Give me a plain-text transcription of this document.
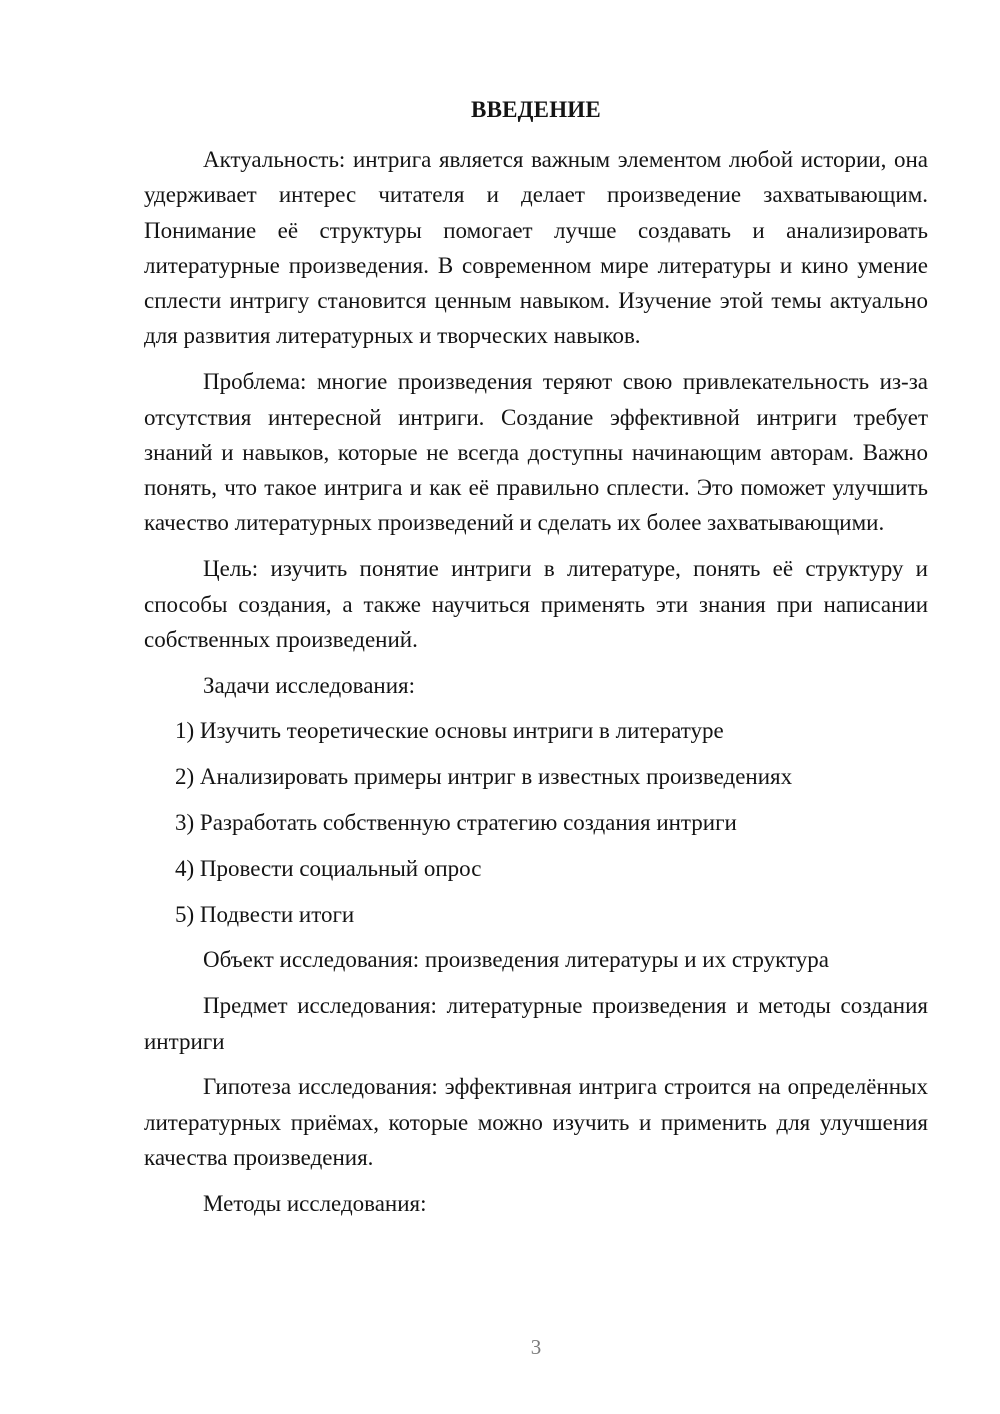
ВВЕДЕНИЕ

Актуальность: интрига является важным элементом любой истории, она удерживает интерес читателя и делает произведение захватывающим. Понимание её структуры помогает лучше создавать и анализировать литературные произведения. В современном мире литературы и кино умение сплести интригу становится ценным навыком. Изучение этой темы актуально для развития литературных и творческих навыков.

Проблема: многие произведения теряют свою привлекательность из-за отсутствия интересной интриги. Создание эффективной интриги требует знаний и навыков, которые не всегда доступны начинающим авторам. Важно понять, что такое интрига и как её правильно сплести. Это поможет улучшить качество литературных произведений и сделать их более захватывающими.

Цель: изучить понятие интриги в литературе, понять её структуру и способы создания, а также научиться применять эти знания при написании собственных произведений.

Задачи исследования:

1) Изучить теоретические основы интриги в литературе

2) Анализировать примеры интриг в известных произведениях

3) Разработать собственную стратегию создания интриги

4) Провести социальный опрос

5) Подвести итоги

Объект исследования: произведения литературы и их структура

Предмет исследования: литературные произведения и методы создания интриги

Гипотеза исследования: эффективная интрига строится на определённых литературных приёмах, которые можно изучить и применить для улучшения качества произведения.

Методы исследования:

3
